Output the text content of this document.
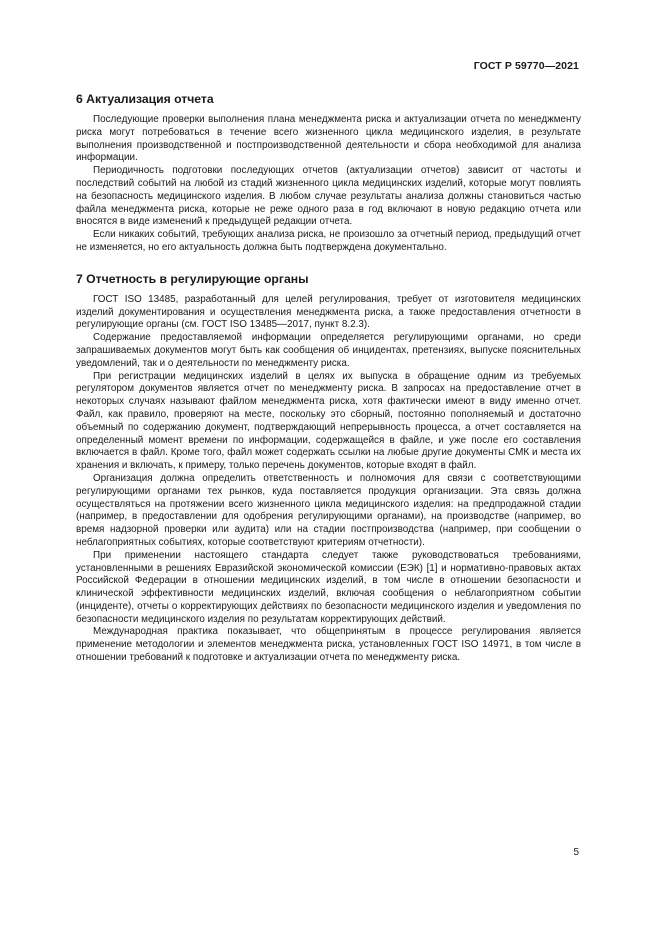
ГОСТ Р 59770—2021
6 Актуализация отчета

Последующие проверки выполнения плана менеджмента риска и актуализации отчета по менеджменту риска могут потребоваться в течение всего жизненного цикла медицинского изделия, в результате выполнения производственной и постпроизводственной деятельности и сбора необходимой для анализа информации.

Периодичность подготовки последующих отчетов (актуализации отчетов) зависит от частоты и последствий событий на любой из стадий жизненного цикла медицинских изделий, которые могут повлиять на безопасность медицинского изделия. В любом случае результаты анализа должны становиться частью файла менеджмента риска, которые не реже одного раза в год включают в новую редакцию отчета или вносятся в виде изменений к предыдущей редакции отчета.

Если никаких событий, требующих анализа риска, не произошло за отчетный период, предыдущий отчет не изменяется, но его актуальность должна быть подтверждена документально.

7 Отчетность в регулирующие органы

ГОСТ ISO 13485, разработанный для целей регулирования, требует от изготовителя медицинских изделий документирования и осуществления менеджмента риска, а также предоставления отчетности в регулирующие органы (см. ГОСТ ISO 13485—2017, пункт 8.2.3).

Содержание предоставляемой информации определяется регулирующими органами, но среди запрашиваемых документов могут быть как сообщения об инцидентах, претензиях, выпуске пояснительных уведомлений, так и о деятельности по менеджменту риска.

При регистрации медицинских изделий в целях их выпуска в обращение одним из требуемых регулятором документов является отчет по менеджменту риска. В запросах на предоставление отчет в некоторых случаях называют файлом менеджмента риска, хотя фактически имеют в виду именно отчет. Файл, как правило, проверяют на месте, поскольку это сборный, постоянно пополняемый и достаточно объемный по содержанию документ, подтверждающий непрерывность процесса, а отчет составляется на определенный момент времени по информации, содержащейся в файле, и уже после его составления включается в файл. Кроме того, файл может содержать ссылки на любые другие документы СМК и места их хранения и включать, к примеру, только перечень документов, которые входят в файл.

Организация должна определить ответственность и полномочия для связи с соответствующими регулирующими органами тех рынков, куда поставляется продукция организации. Эта связь должна осуществляться на протяжении всего жизненного цикла медицинского изделия: на предпродажной стадии (например, в предоставлении для одобрения регулирующими органами), на производстве (например, во время надзорной проверки или аудита) или на стадии постпроизводства (например, при сообщении о неблагоприятных событиях, которые соответствуют критериям отчетности).

При применении настоящего стандарта следует также руководствоваться требованиями, установленными в решениях Евразийской экономической комиссии (ЕЭК) [1] и нормативно-правовых актах Российской Федерации в отношении медицинских изделий, в том числе в отношении безопасности и клинической эффективности медицинских изделий, включая сообщения о неблагоприятном событии (инциденте), отчеты о корректирующих действиях по безопасности медицинского изделия и уведомления по безопасности медицинского изделия по результатам корректирующих действий.

Международная практика показывает, что общепринятым в процессе регулирования является применение методологии и элементов менеджмента риска, установленных ГОСТ ISO 14971, в том числе в отношении требований к подготовке и актуализации отчета по менеджменту риска.

5
